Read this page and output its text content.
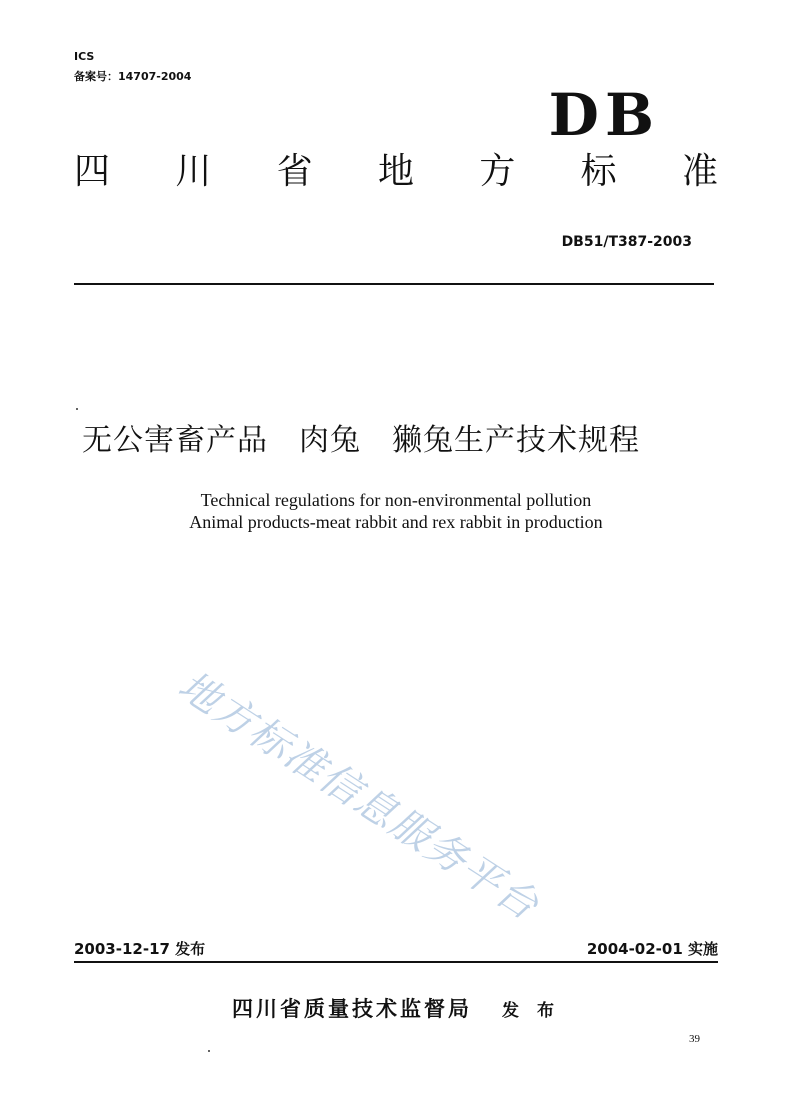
ICS
备案号：14707-2004
DB
四 川 省 地 方 标 准
DB51/T387-2003
无公害畜产品　肉兔　獭兔生产技术规程
Technical regulations for non-environmental pollution
Animal products-meat rabbit and rex rabbit in production
地方标准信息服务平台
2003-12-17 发布	2004-02-01 实施
四川省质量技术监督局 发 布
39
